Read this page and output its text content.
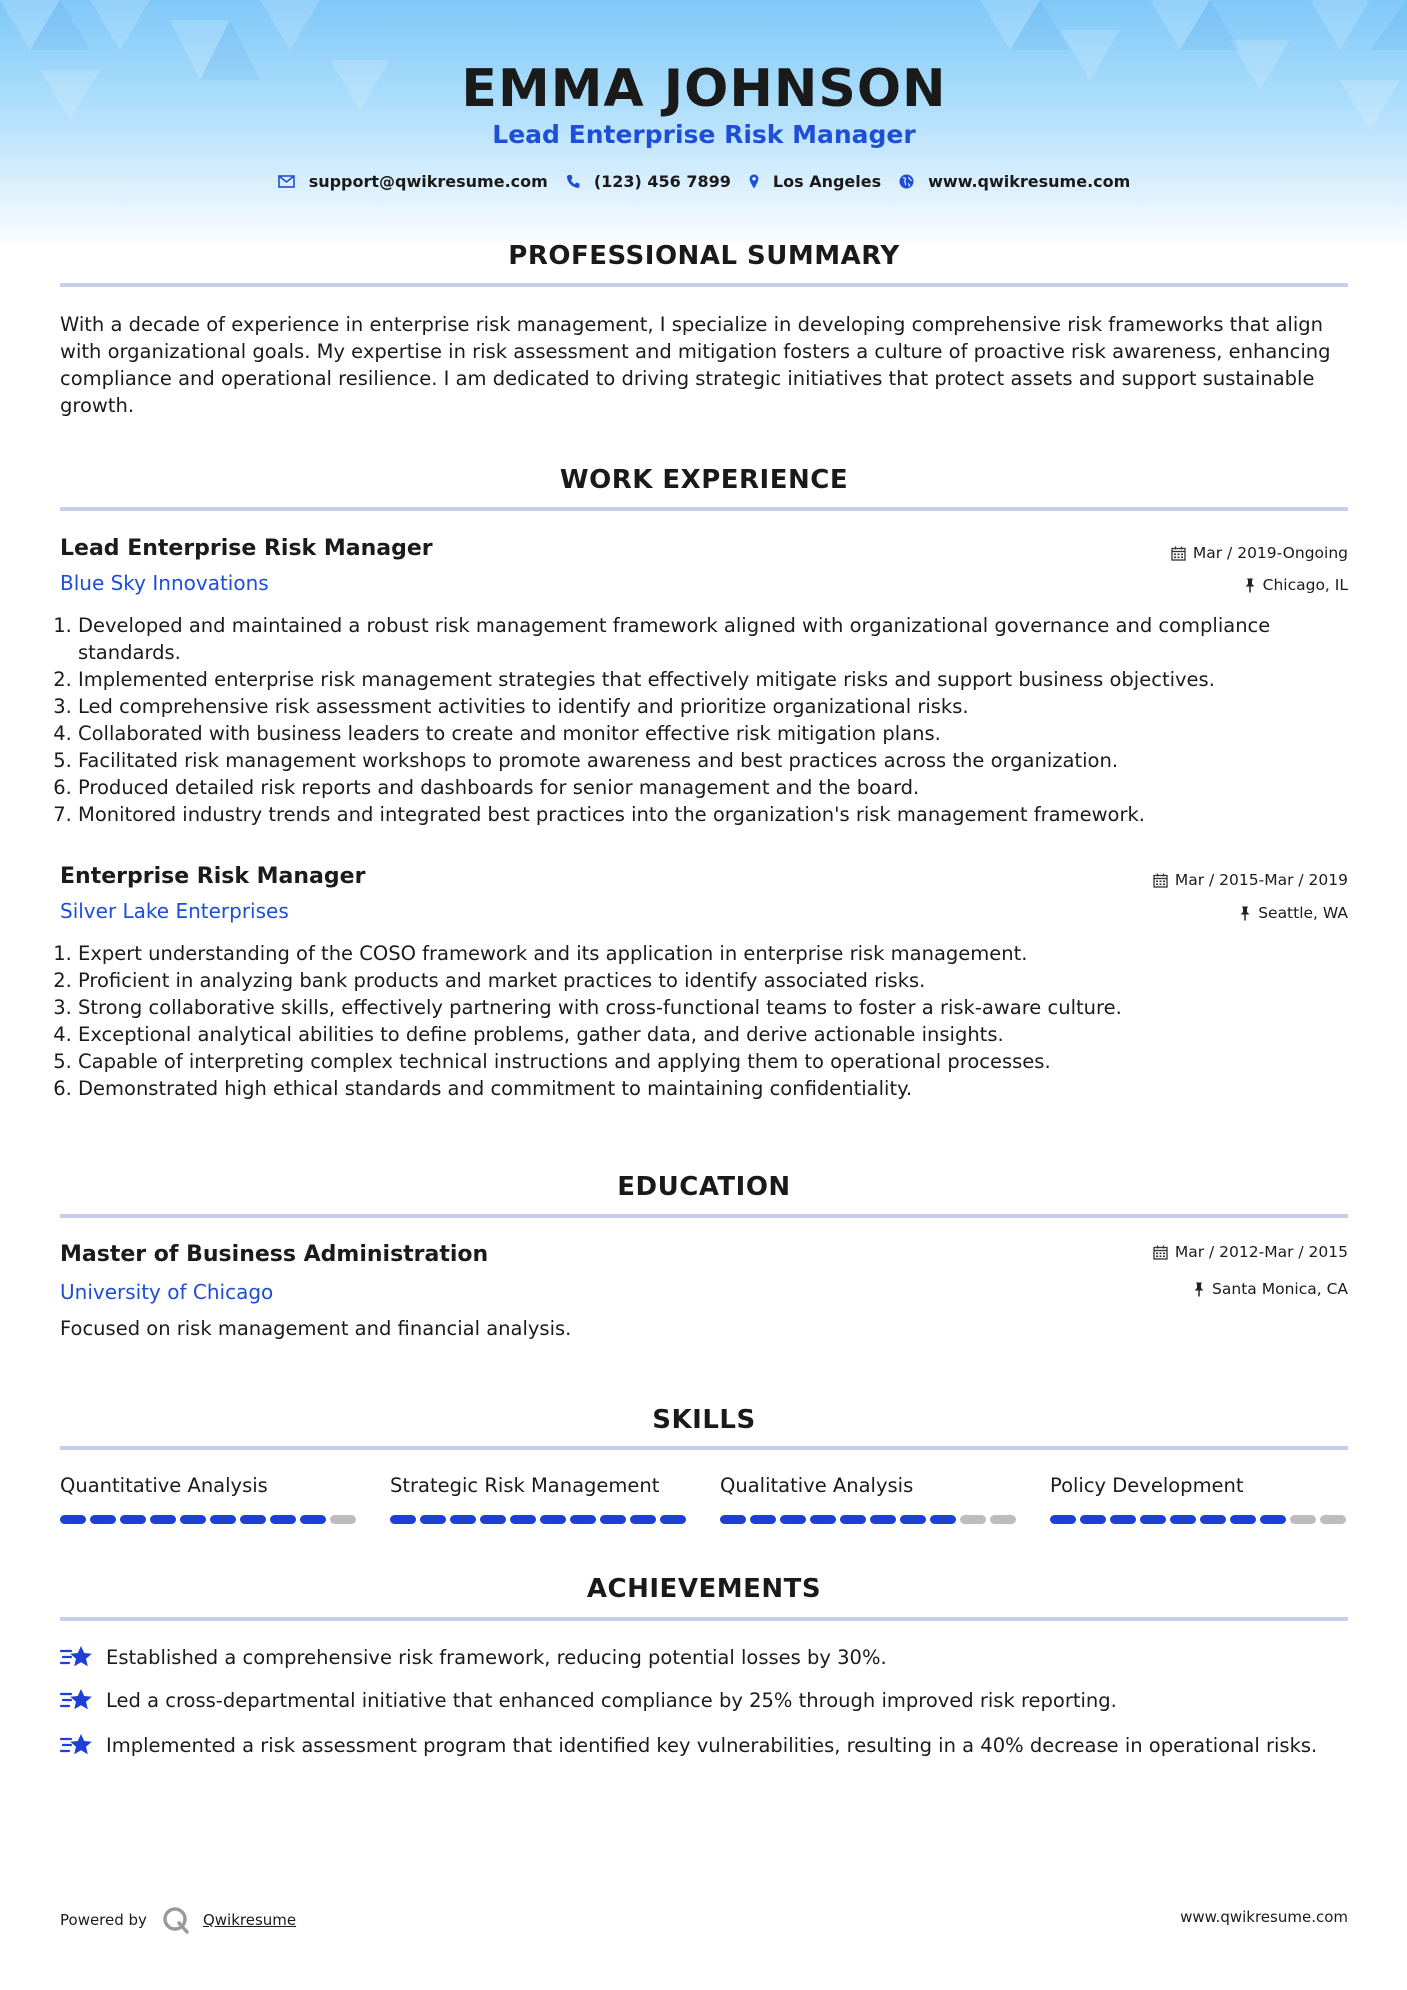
EMMA JOHNSON
Lead Enterprise Risk Manager
support@qwikresume.com	(123) 456 7899	Los Angeles	www.qwikresume.com
PROFESSIONAL SUMMARY
With a decade of experience in enterprise risk management, I specialize in developing comprehensive risk frameworks that align with organizational goals. My expertise in risk assessment and mitigation fosters a culture of proactive risk awareness, enhancing compliance and operational resilience. I am dedicated to driving strategic initiatives that protect assets and support sustainable growth.
WORK EXPERIENCE
Lead Enterprise Risk Manager	Mar / 2019-Ongoing
Blue Sky Innovations	Chicago, IL
1. Developed and maintained a robust risk management framework aligned with organizational governance and compliance standards.
2. Implemented enterprise risk management strategies that effectively mitigate risks and support business objectives.
3. Led comprehensive risk assessment activities to identify and prioritize organizational risks.
4. Collaborated with business leaders to create and monitor effective risk mitigation plans.
5. Facilitated risk management workshops to promote awareness and best practices across the organization.
6. Produced detailed risk reports and dashboards for senior management and the board.
7. Monitored industry trends and integrated best practices into the organization's risk management framework.
Enterprise Risk Manager	Mar / 2015-Mar / 2019
Silver Lake Enterprises	Seattle, WA
1. Expert understanding of the COSO framework and its application in enterprise risk management.
2. Proficient in analyzing bank products and market practices to identify associated risks.
3. Strong collaborative skills, effectively partnering with cross-functional teams to foster a risk-aware culture.
4. Exceptional analytical abilities to define problems, gather data, and derive actionable insights.
5. Capable of interpreting complex technical instructions and applying them to operational processes.
6. Demonstrated high ethical standards and commitment to maintaining confidentiality.
EDUCATION
Master of Business Administration	Mar / 2012-Mar / 2015
University of Chicago	Santa Monica, CA
Focused on risk management and financial analysis.
SKILLS
Quantitative Analysis	Strategic Risk Management	Qualitative Analysis	Policy Development
ACHIEVEMENTS
Established a comprehensive risk framework, reducing potential losses by 30%.
Led a cross-departmental initiative that enhanced compliance by 25% through improved risk reporting.
Implemented a risk assessment program that identified key vulnerabilities, resulting in a 40% decrease in operational risks.
Powered by	Qwikresume	www.qwikresume.com
